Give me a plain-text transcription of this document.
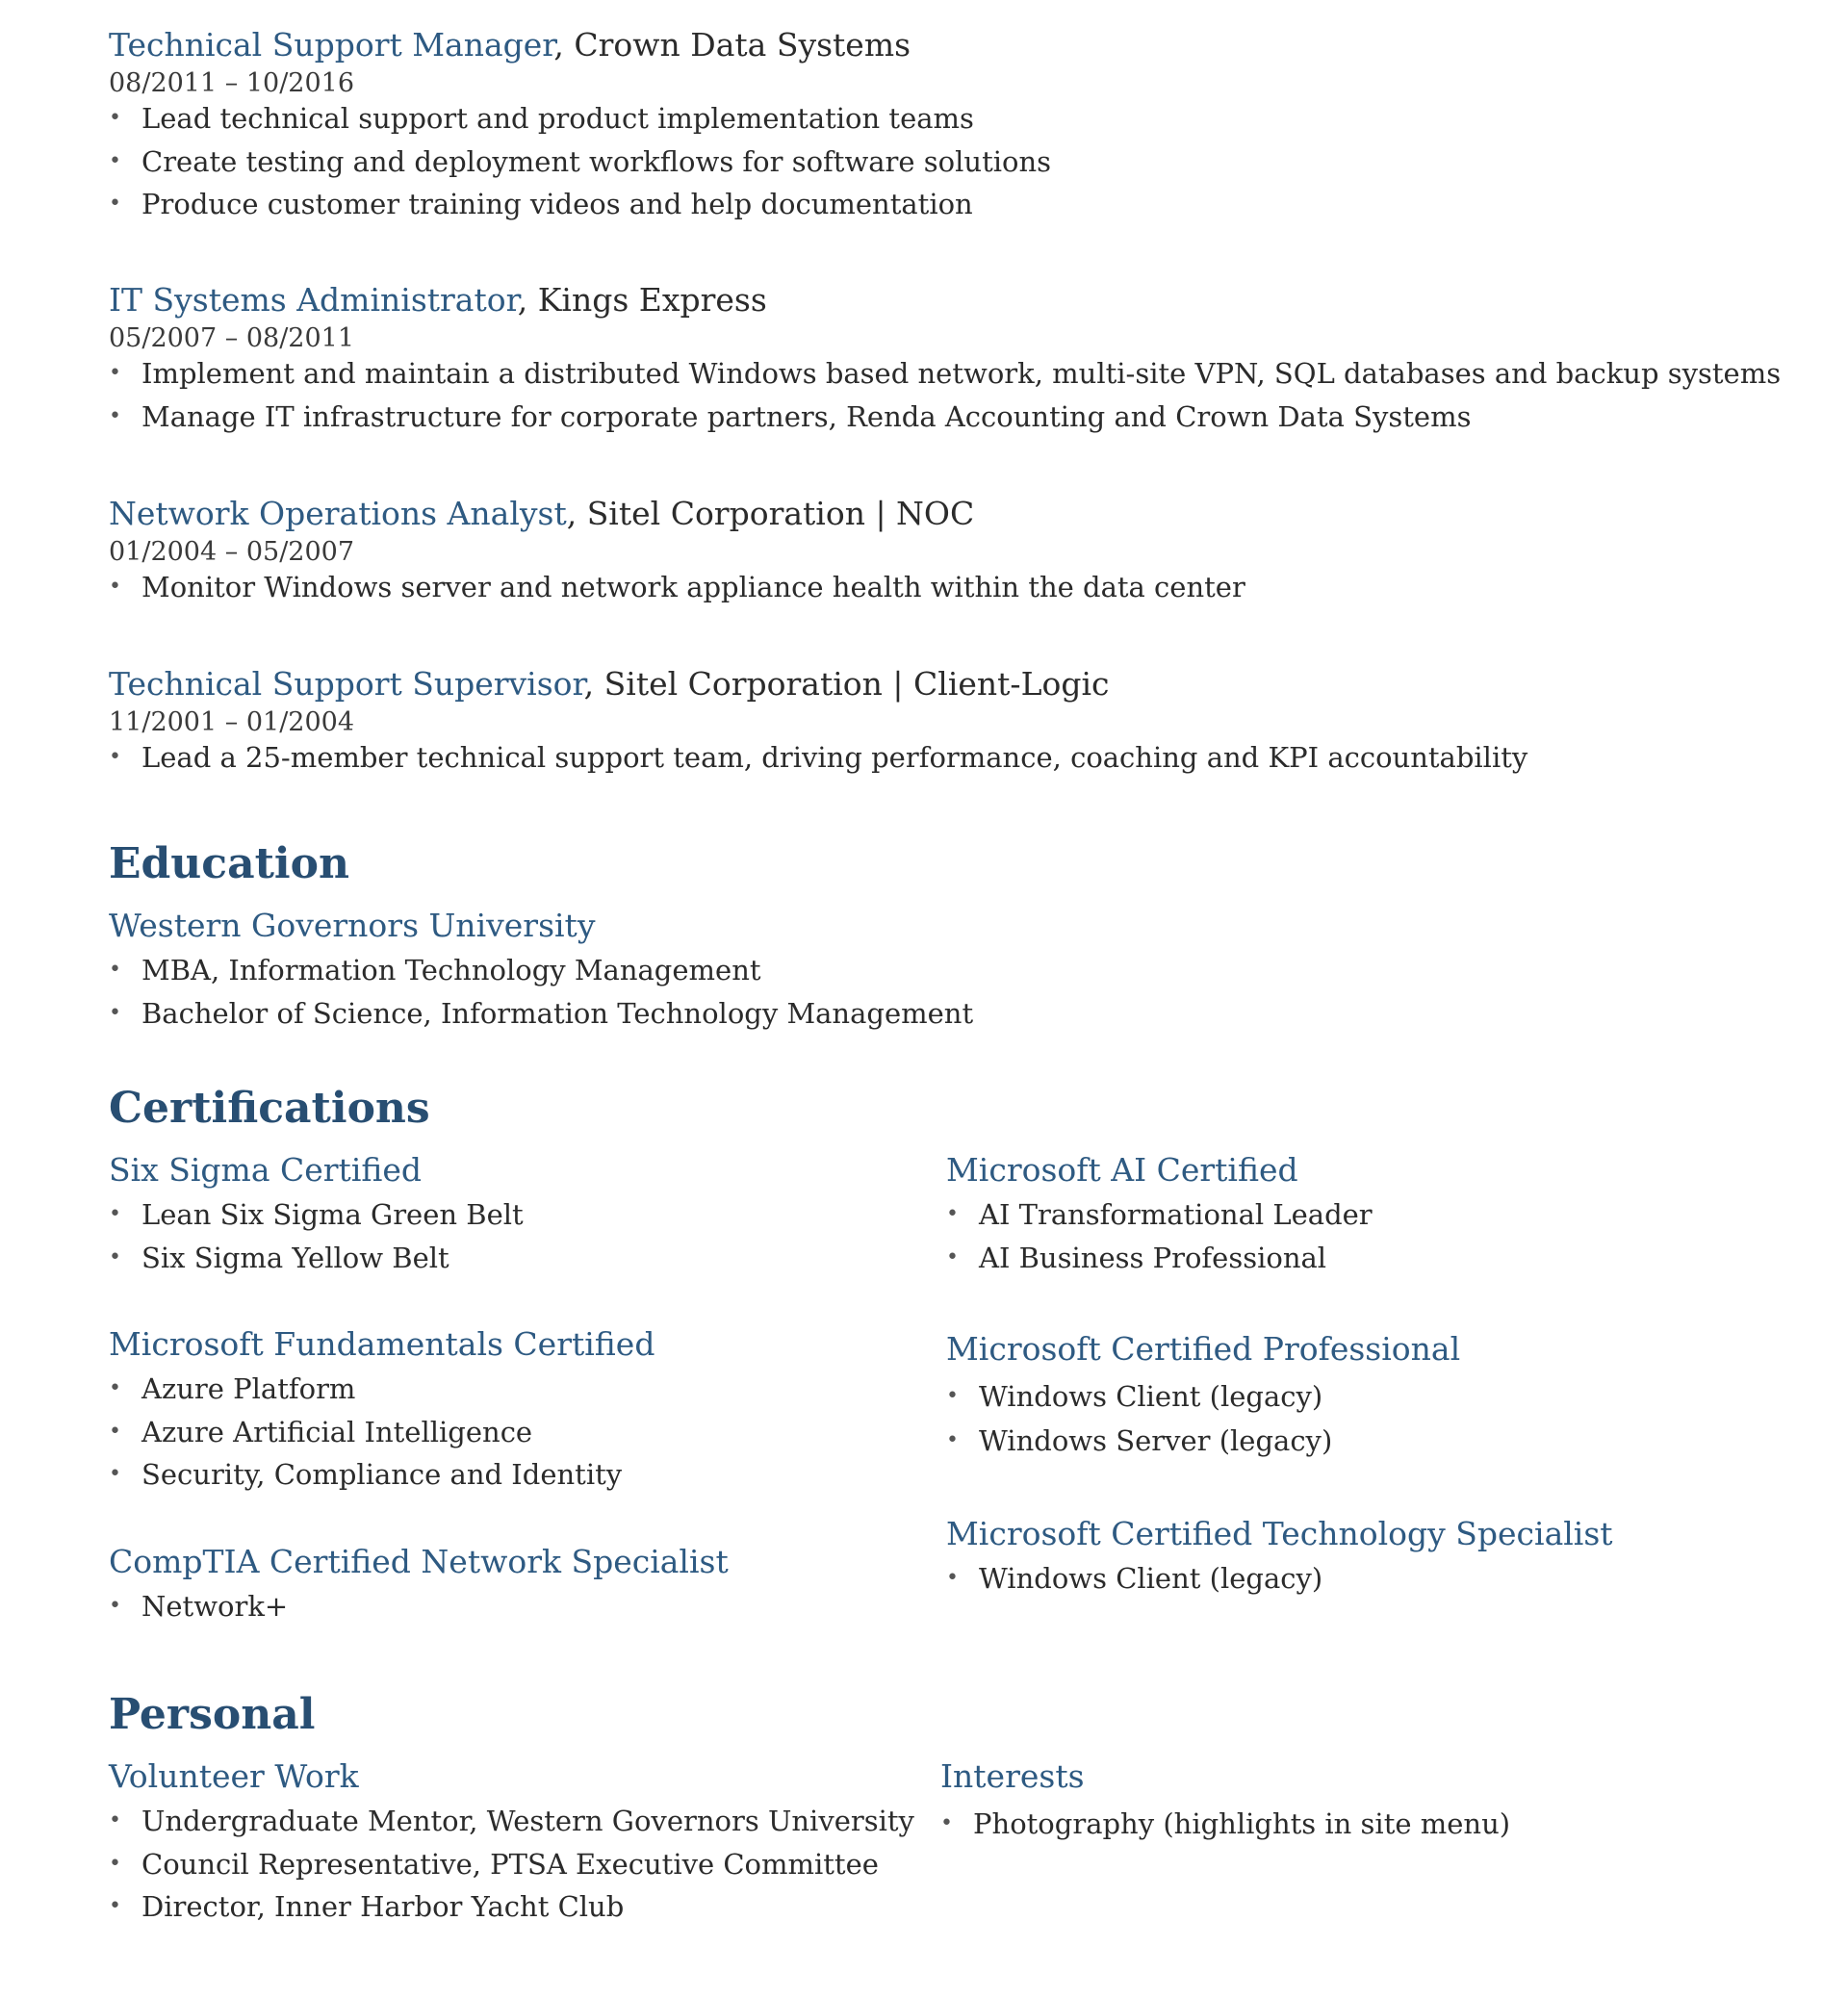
Technical Support Manager, Crown Data Systems

08/2011 – 10/2016

• Lead technical support and product implementation teams
• Create testing and deployment workflows for software solutions
• Produce customer training videos and help documentation

IT Systems Administrator, Kings Express

05/2007 – 08/2011

• Implement and maintain a distributed Windows based network, multi-site VPN, SQL databases and backup systems
• Manage IT infrastructure for corporate partners, Renda Accounting and Crown Data Systems

Network Operations Analyst, Sitel Corporation | NOC

01/2004 – 05/2007

• Monitor Windows server and network appliance health within the data center

Technical Support Supervisor, Sitel Corporation | Client-Logic

11/2001 – 01/2004

• Lead a 25-member technical support team, driving performance, coaching and KPI accountability
Education

Western Governors University

• MBA, Information Technology Management
• Bachelor of Science, Information Technology Management
Certifications

Six Sigma Certified

• Lean Six Sigma Green Belt
• Six Sigma Yellow Belt

Microsoft AI Certified

• AI Transformational Leader
• AI Business Professional

Microsoft Fundamentals Certified

• Azure Platform
• Azure Artificial Intelligence
• Security, Compliance and Identity

Microsoft Certified Professional

• Windows Client (legacy)
• Windows Server (legacy)

CompTIA Certified Network Specialist

• Network+

Microsoft Certified Technology Specialist

• Windows Client (legacy)
Personal

Volunteer Work

• Undergraduate Mentor, Western Governors University
• Council Representative, PTSA Executive Committee
• Director, Inner Harbor Yacht Club

Interests

• Photography (highlights in site menu)
